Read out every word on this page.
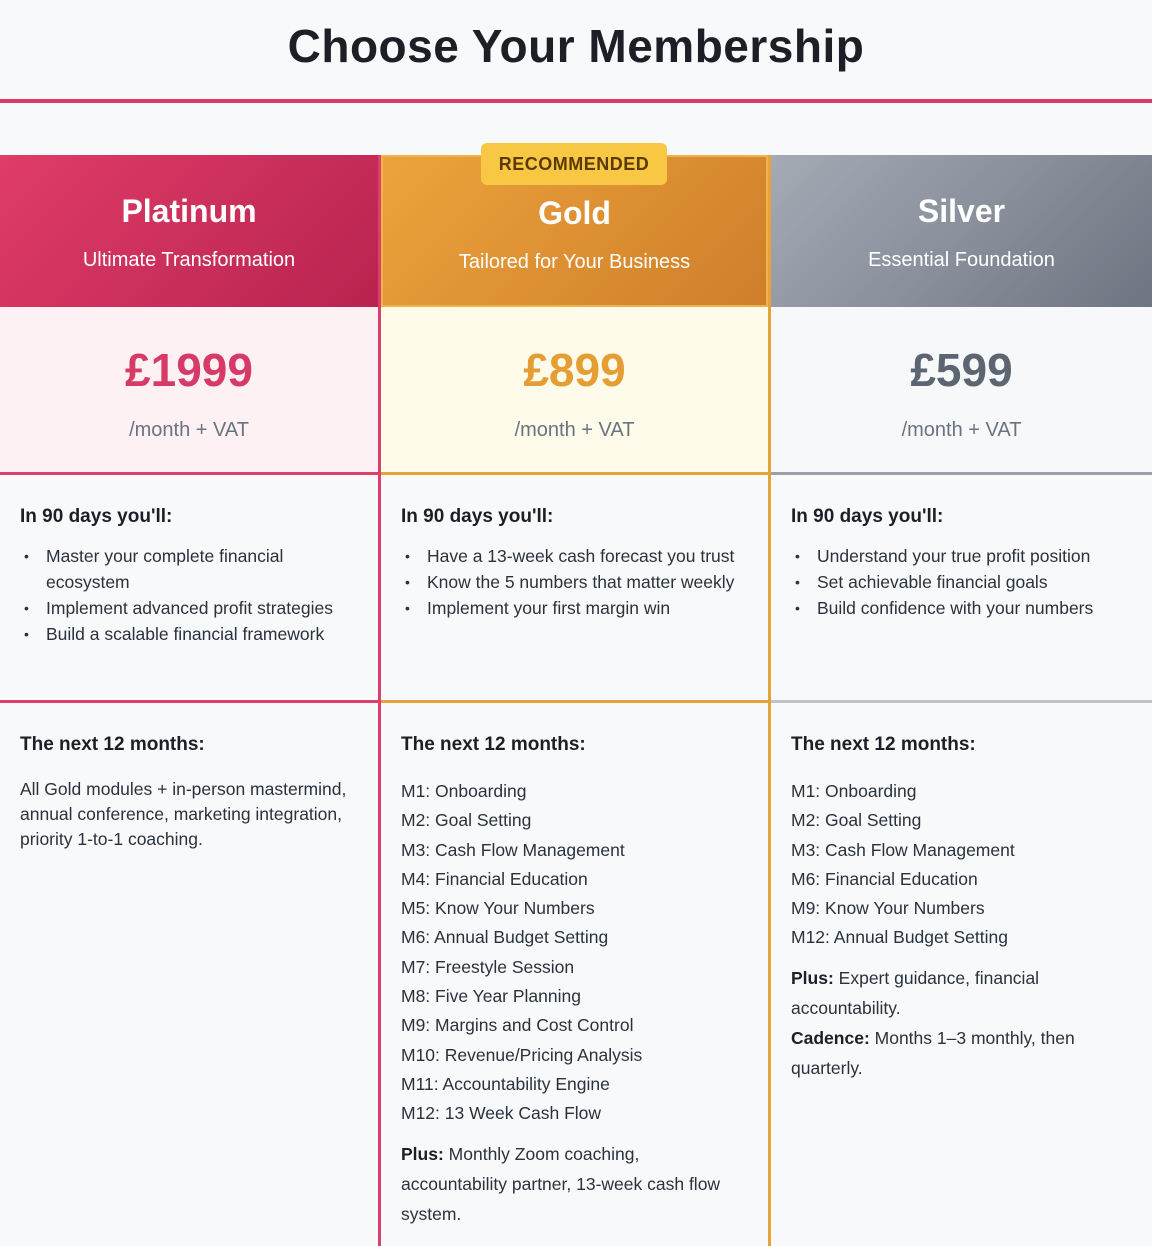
Choose Your Membership
Platinum
Ultimate Transformation
£1999
/month + VAT

In 90 days you'll:

• Master your complete financial ecosystem
• Implement advanced profit strategies
• Build a scalable financial framework

The next 12 months:

All Gold modules + in-person mastermind, annual conference, marketing integration, priority 1-to-1 coaching.

RECOMMENDED
Gold
Tailored for Your Business
£899
/month + VAT

In 90 days you'll:

• Have a 13-week cash forecast you trust
• Know the 5 numbers that matter weekly
• Implement your first margin win

The next 12 months:

M1: Onboarding
M2: Goal Setting
M3: Cash Flow Management
M4: Financial Education
M5: Know Your Numbers
M6: Annual Budget Setting
M7: Freestyle Session
M8: Five Year Planning
M9: Margins and Cost Control
M10: Revenue/Pricing Analysis
M11: Accountability Engine
M12: 13 Week Cash Flow

Plus: Monthly Zoom coaching, accountability partner, 13-week cash flow system.

Silver
Essential Foundation
£599
/month + VAT

In 90 days you'll:

• Understand your true profit position
• Set achievable financial goals
• Build confidence with your numbers

The next 12 months:

M1: Onboarding
M2: Goal Setting
M3: Cash Flow Management
M6: Financial Education
M9: Know Your Numbers
M12: Annual Budget Setting

Plus: Expert guidance, financial accountability.

Cadence: Months 1–3 monthly, then quarterly.
